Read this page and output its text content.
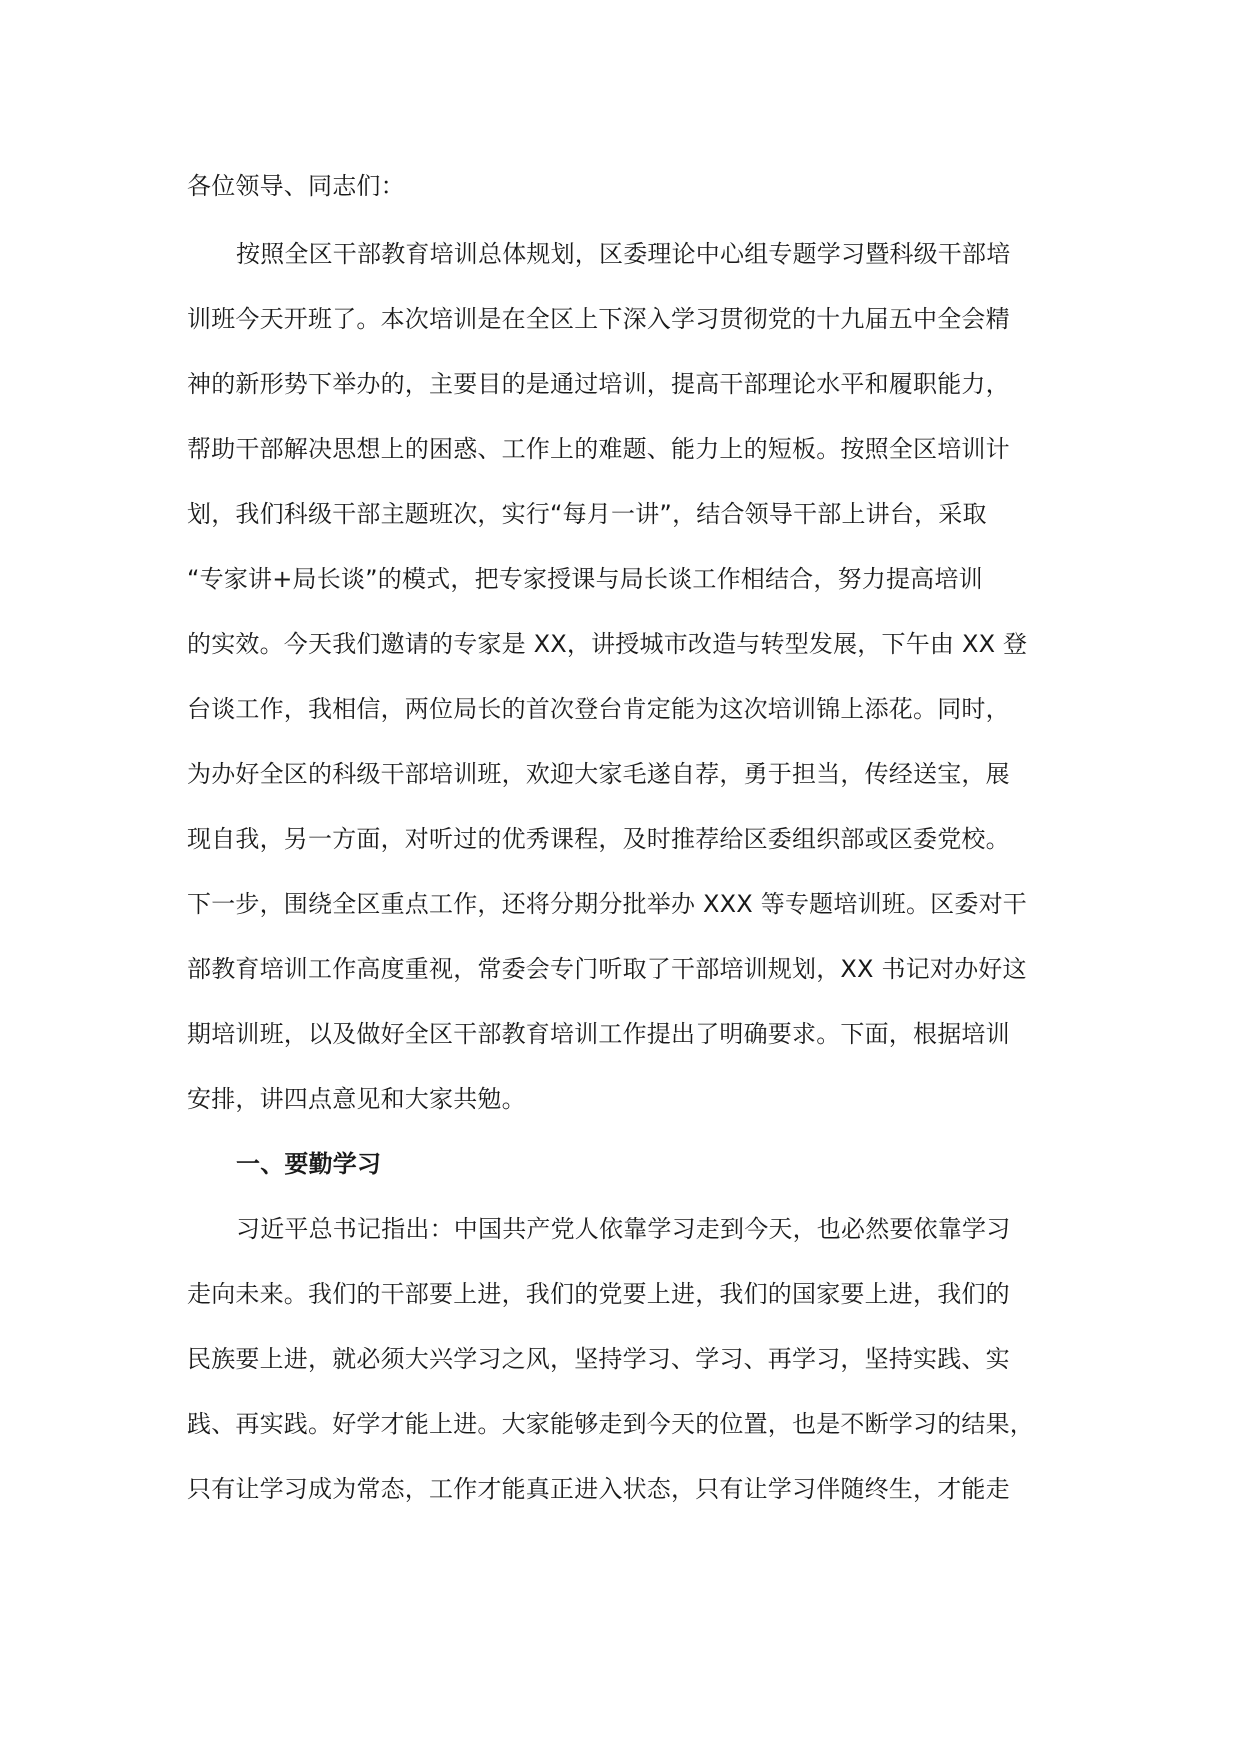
各位领导、同志们：
按照全区干部教育培训总体规划，区委理论中心组专题学习暨科级干部培
训班今天开班了。本次培训是在全区上下深入学习贯彻党的十九届五中全会精
神的新形势下举办的，主要目的是通过培训，提高干部理论水平和履职能力，
帮助干部解决思想上的困惑、工作上的难题、能力上的短板。按照全区培训计
划，我们科级干部主题班次，实行“每月一讲”，结合领导干部上讲台，采取
“专家讲+局长谈”的模式，把专家授课与局长谈工作相结合，努力提高培训
的实效。今天我们邀请的专家是 XX，讲授城市改造与转型发展，下午由 XX 登
台谈工作，我相信，两位局长的首次登台肯定能为这次培训锦上添花。同时，
为办好全区的科级干部培训班，欢迎大家毛遂自荐，勇于担当，传经送宝，展
现自我，另一方面，对听过的优秀课程，及时推荐给区委组织部或区委党校。
下一步，围绕全区重点工作，还将分期分批举办 XXX 等专题培训班。区委对干
部教育培训工作高度重视，常委会专门听取了干部培训规划，XX 书记对办好这
期培训班，以及做好全区干部教育培训工作提出了明确要求。下面，根据培训
安排，讲四点意见和大家共勉。
一、要勤学习
习近平总书记指出：中国共产党人依靠学习走到今天，也必然要依靠学习
走向未来。我们的干部要上进，我们的党要上进，我们的国家要上进，我们的
民族要上进，就必须大兴学习之风，坚持学习、学习、再学习，坚持实践、实
践、再实践。好学才能上进。大家能够走到今天的位置，也是不断学习的结果，
只有让学习成为常态，工作才能真正进入状态，只有让学习伴随终生，才能走
